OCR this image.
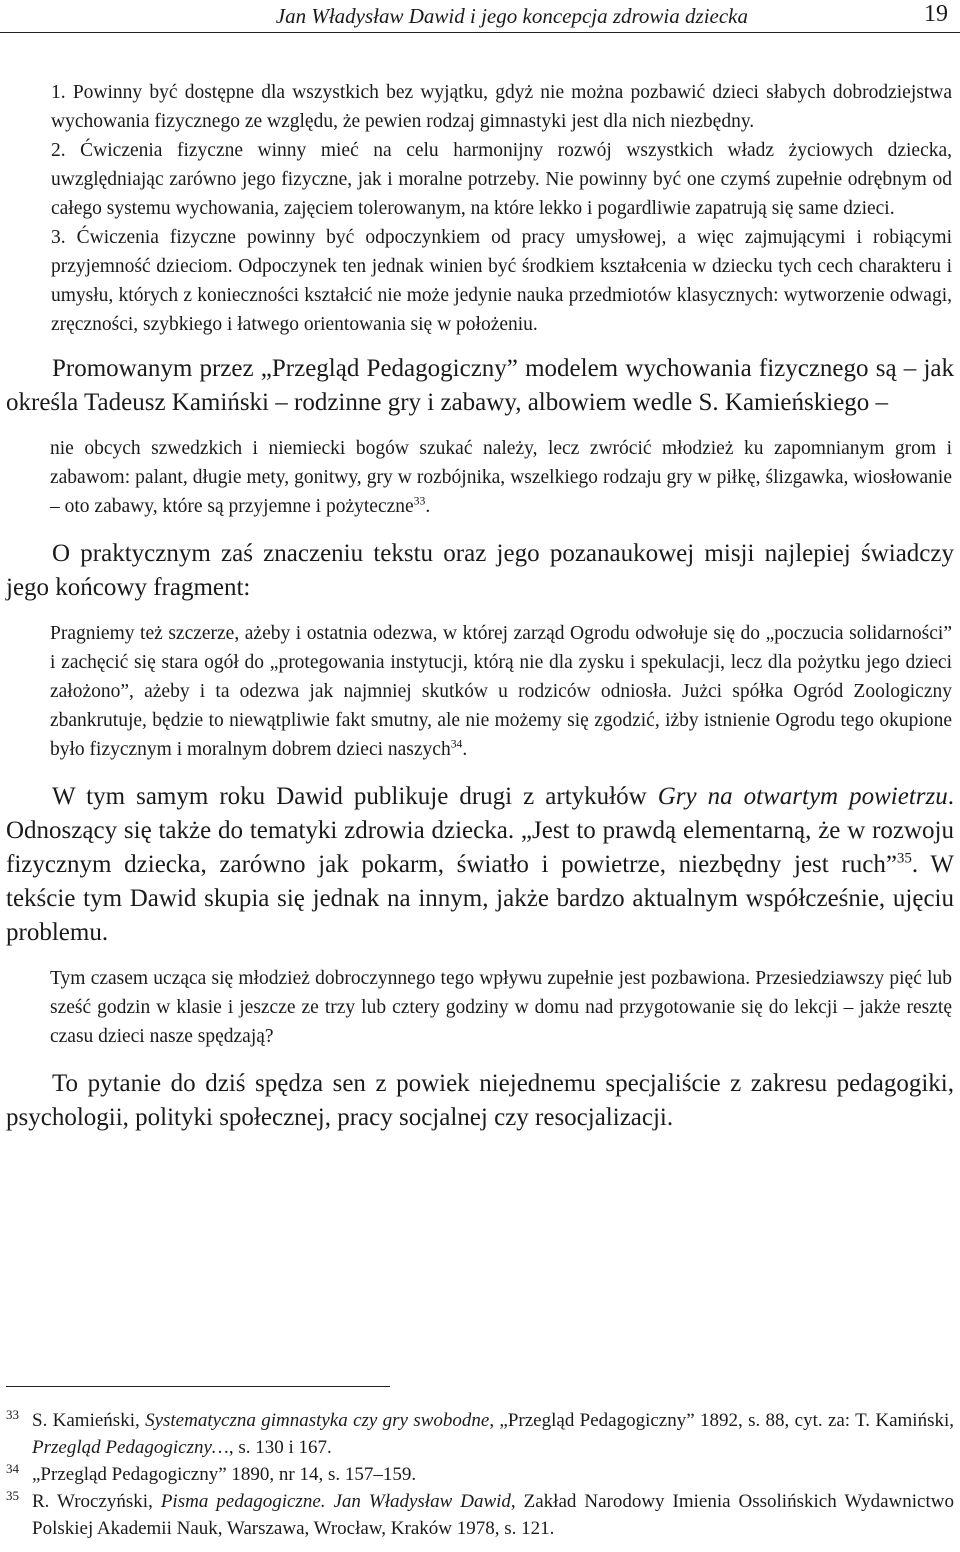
Jan Władysław Dawid i jego koncepcja zdrowia dziecka	19

1. Powinny być dostępne dla wszystkich bez wyjątku, gdyż nie można pozbawić dzieci słabych dobrodziejstwa wychowania fizycznego ze względu, że pewien rodzaj gimnastyki jest dla nich niezbędny.

2. Ćwiczenia fizyczne winny mieć na celu harmonijny rozwój wszystkich władz życiowych dziecka, uwzględniając zarówno jego fizyczne, jak i moralne potrzeby. Nie powinny być one czymś zupełnie odrębnym od całego systemu wychowania, zajęciem tolerowanym, na które lekko i pogardliwie zapatrują się same dzieci.

3. Ćwiczenia fizyczne powinny być odpoczynkiem od pracy umysłowej, a więc zajmującymi i robiącymi przyjemność dzieciom. Odpoczynek ten jednak winien być środkiem kształcenia w dziecku tych cech charakteru i umysłu, których z konieczności kształcić nie może jedynie nauka przedmiotów klasycznych: wytworzenie odwagi, zręczności, szybkiego i łatwego orientowania się w położeniu.

Promowanym przez „Przegląd Pedagogiczny” modelem wychowania fizycznego są – jak określa Tadeusz Kamiński – rodzinne gry i zabawy, albowiem wedle S. Kamieńskiego –

nie obcych szwedzkich i niemiecki bogów szukać należy, lecz zwrócić młodzież ku zapomnianym grom i zabawom: palant, długie mety, gonitwy, gry w rozbójnika, wszelkiego rodzaju gry w piłkę, ślizgawka, wiosłowanie – oto zabawy, które są przyjemne i pożyteczne$^{33}$.

O praktycznym zaś znaczeniu tekstu oraz jego pozanaukowej misji najlepiej świadczy jego końcowy fragment:

Pragniemy też szczerze, ażeby i ostatnia odezwa, w której zarząd Ogrodu odwołuje się do „poczucia solidarności” i zachęcić się stara ogół do „protegowania instytucji, którą nie dla zysku i spekulacji, lecz dla pożytku jego dzieci założono”, ażeby i ta odezwa jak najmniej skutków u rodziców odniosła. Jużci spółka Ogród Zoologiczny zbankrutuje, będzie to niewątpliwie fakt smutny, ale nie możemy się zgodzić, iżby istnienie Ogrodu tego okupione było fizycznym i moralnym dobrem dzieci naszych$^{34}$.

W tym samym roku Dawid publikuje drugi z artykułów Gry na otwartym powietrzu. Odnoszący się także do tematyki zdrowia dziecka. „Jest to prawdą elementarną, że w rozwoju fizycznym dziecka, zarówno jak pokarm, światło i powietrze, niezbędny jest ruch”$^{35}$. W tekście tym Dawid skupia się jednak na innym, jakże bardzo aktualnym współcześnie, ujęciu problemu.

Tym czasem ucząca się młodzież dobroczynnego tego wpływu zupełnie jest pozbawiona. Przesiedziawszy pięć lub sześć godzin w klasie i jeszcze ze trzy lub cztery godziny w domu nad przygotowanie się do lekcji – jakże resztę czasu dzieci nasze spędzają?

To pytanie do dziś spędza sen z powiek niejednemu specjaliście z zakresu pedagogiki, psychologii, polityki społecznej, pracy socjalnej czy resocjalizacji.

33 S. Kamieński, Systematyczna gimnastyka czy gry swobodne, „Przegląd Pedagogiczny” 1892, s. 88, cyt. za: T. Kamiński, Przegląd Pedagogiczny…, s. 130 i 167.

34 „Przegląd Pedagogiczny” 1890, nr 14, s. 157–159.

35 R. Wroczyński, Pisma pedagogiczne. Jan Władysław Dawid, Zakład Narodowy Imienia Ossolińskich Wydawnictwo Polskiej Akademii Nauk, Warszawa, Wrocław, Kraków 1978, s. 121.
